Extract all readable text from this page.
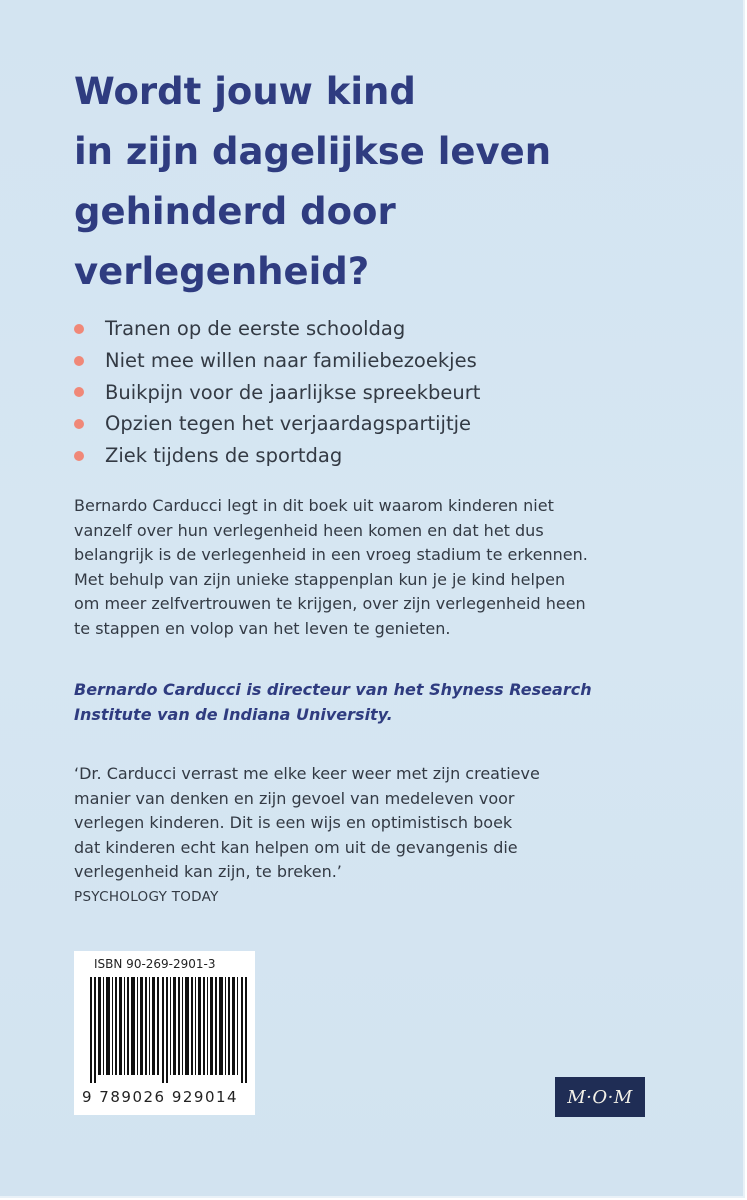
Wordt jouw kind
in zijn dagelijkse leven
gehinderd door
verlegenheid?
Tranen op de eerste schooldag
Niet mee willen naar familiebezoekjes
Buikpijn voor de jaarlijkse spreekbeurt
Opzien tegen het verjaardagspartijtje
Ziek tijdens de sportdag

Bernardo Carducci legt in dit boek uit waarom kinderen niet
vanzelf over hun verlegenheid heen komen en dat het dus
belangrijk is de verlegenheid in een vroeg stadium te erkennen.
Met behulp van zijn unieke stappenplan kun je je kind helpen
om meer zelfvertrouwen te krijgen, over zijn verlegenheid heen
te stappen en volop van het leven te genieten.

Bernardo Carducci is directeur van het Shyness Research
Institute van de Indiana University.

‘Dr. Carducci verrast me elke keer weer met zijn creatieve
manier van denken en zijn gevoel van medeleven voor
verlegen kinderen. Dit is een wijs en optimistisch boek
dat kinderen echt kan helpen om uit de gevangenis die
verlegenheid kan zijn, te breken.’
PSYCHOLOGY TODAY
ISBN 90-269-2901-3
9 789026 929014	M·O·M
